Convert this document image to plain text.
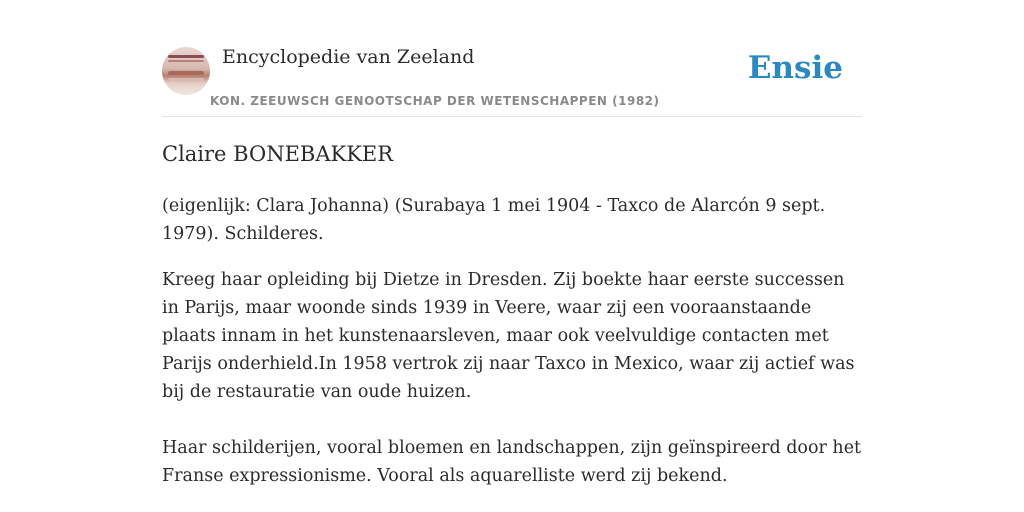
Encyclopedie van Zeeland
KON. ZEEUWSCH GENOOTSCHAP DER WETENSCHAPPEN (1982)
Ensie
Claire BONEBAKKER

(eigenlijk: Clara Johanna) (Surabaya 1 mei 1904 - Taxco de Alarcón 9 sept. 1979). Schilderes.

Kreeg haar opleiding bij Dietze in Dresden. Zij boekte haar eerste successen in Parijs, maar woonde sinds 1939 in Veere, waar zij een vooraanstaande plaats innam in het kunstenaarsleven, maar ook veelvuldige contacten met Parijs onderhield.In 1958 vertrok zij naar Taxco in Mexico, waar zij actief was bij de restauratie van oude huizen.

Haar schilderijen, vooral bloemen en landschappen, zijn geïnspireerd door het Franse expressionisme. Vooral als aquarelliste werd zij bekend.
